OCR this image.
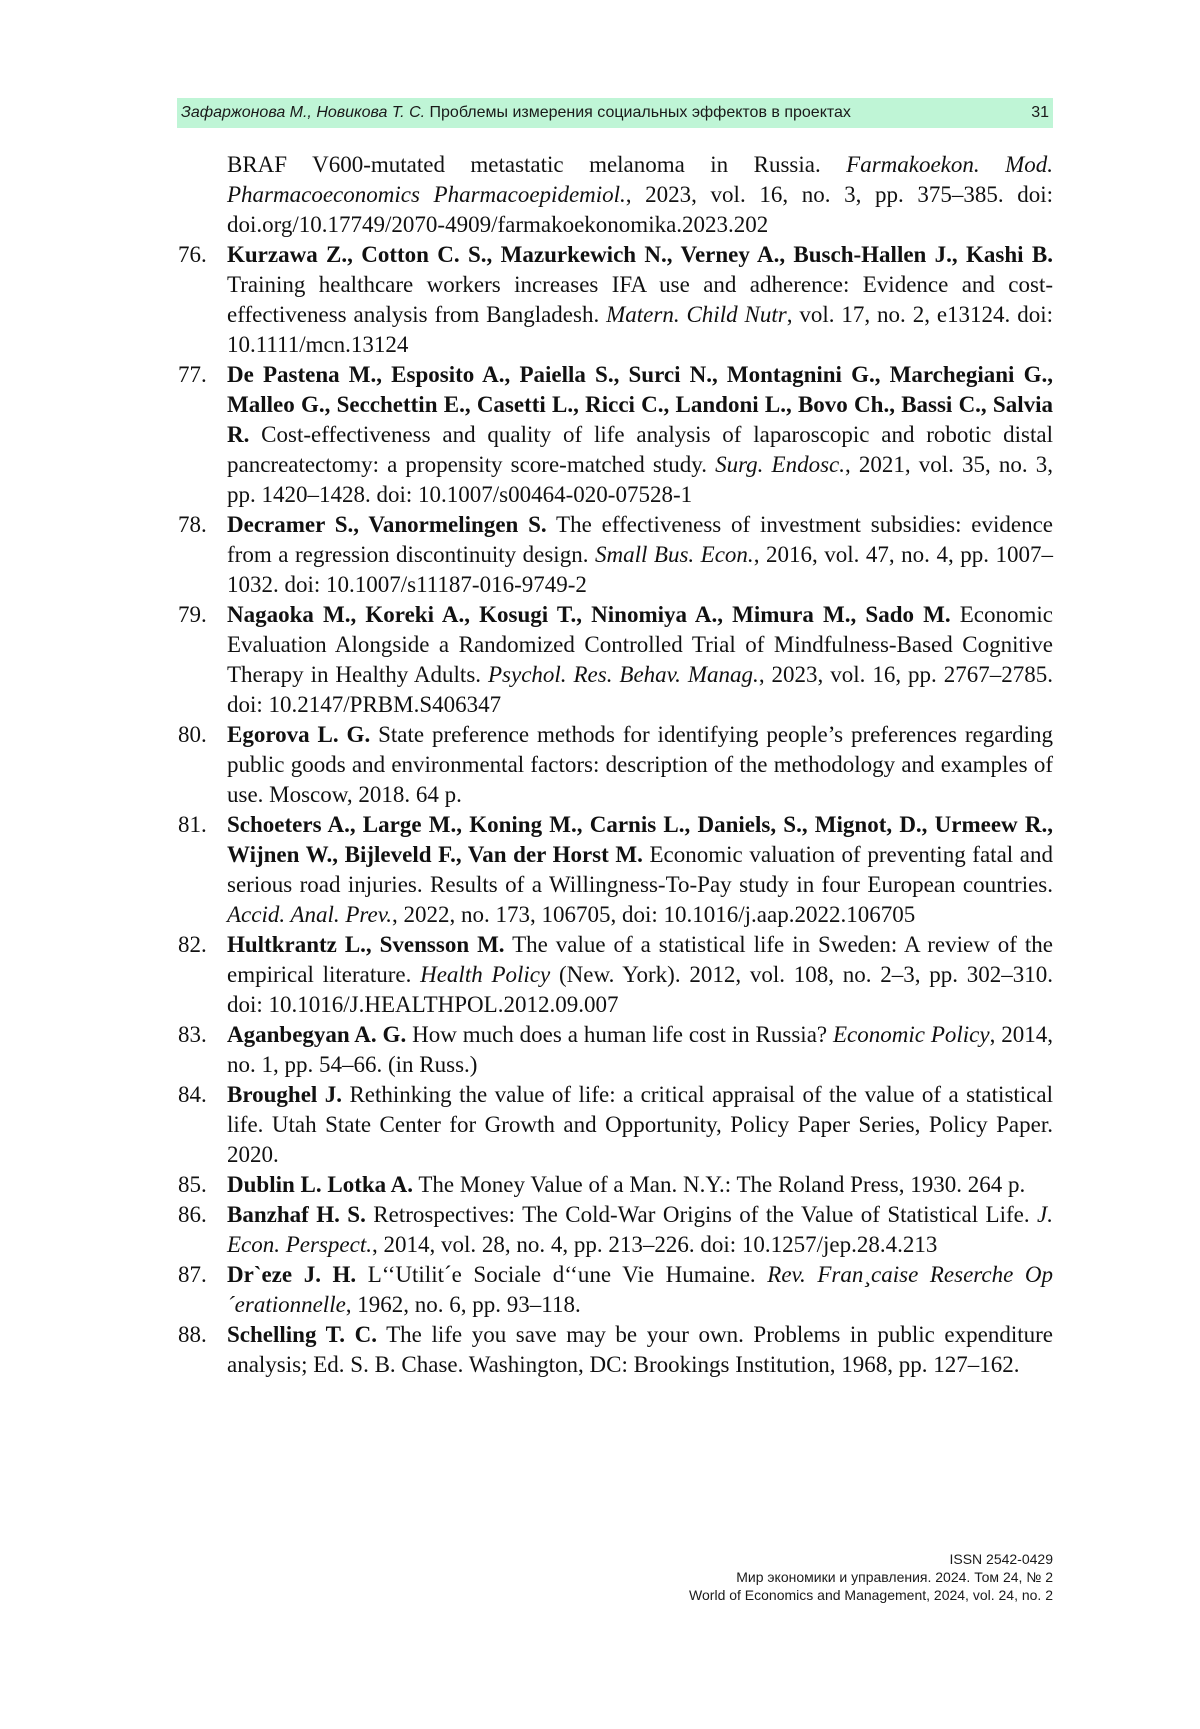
Зафаржонова М., Новикова Т. С. Проблемы измерения социальных эффектов в проектах	31
BRAF V600-mutated metastatic melanoma in Russia. Farmakoekon. Mod. Pharmacoeconomics Pharmacoepidemiol., 2023, vol. 16, no. 3, pp. 375–385. doi: doi.org/10.17749/2070-4909/farmakoekonomika.2023.202
76. Kurzawa Z., Cotton C. S., Mazurkewich N., Verney A., Busch-Hallen J., Kashi B. Training healthcare workers increases IFA use and adherence: Evidence and cost-effectiveness analysis from Bangladesh. Matern. Child Nutr, vol. 17, no. 2, e13124. doi: 10.1111/mcn.13124
77. De Pastena M., Esposito A., Paiella S., Surci N., Montagnini G., Marchegiani G., Malleo G., Secchettin E., Casetti L., Ricci C., Landoni L., Bovo Ch., Bassi C., Salvia R. Cost-effectiveness and quality of life analysis of laparoscopic and robotic distal pancreatectomy: a propensity score-matched study. Surg. Endosc., 2021, vol. 35, no. 3, pp. 1420–1428. doi: 10.1007/s00464-020-07528-1
78. Decramer S., Vanormelingen S. The effectiveness of investment subsidies: evidence from a regression discontinuity design. Small Bus. Econ., 2016, vol. 47, no. 4, pp. 1007–1032. doi: 10.1007/s11187-016-9749-2
79. Nagaoka M., Koreki A., Kosugi T., Ninomiya A., Mimura M., Sado M. Economic Evaluation Alongside a Randomized Controlled Trial of Mindfulness-Based Cognitive Therapy in Healthy Adults. Psychol. Res. Behav. Manag., 2023, vol. 16, pp. 2767–2785. doi: 10.2147/PRBM.S406347
80. Egorova L. G. State preference methods for identifying people’s preferences regarding public goods and environmental factors: description of the methodology and examples of use. Moscow, 2018. 64 p.
81. Schoeters A., Large M., Koning M., Carnis L., Daniels, S., Mignot, D., Urmeew R., Wijnen W., Bijleveld F., Van der Horst M. Economic valuation of preventing fatal and serious road injuries. Results of a Willingness-To-Pay study in four European countries. Accid. Anal. Prev., 2022, no. 173, 106705, doi: 10.1016/j.aap.2022.106705
82. Hultkrantz L., Svensson M. The value of a statistical life in Sweden: A review of the empirical literature. Health Policy (New. York). 2012, vol. 108, no. 2–3, pp. 302–310. doi: 10.1016/J.HEALTHPOL.2012.09.007
83. Aganbegyan A. G. How much does a human life cost in Russia? Economic Policy, 2014, no. 1, pp. 54–66. (in Russ.)
84. Broughel J. Rethinking the value of life: a critical appraisal of the value of a statistical life. Utah State Center for Growth and Opportunity, Policy Paper Series, Policy Paper. 2020.
85. Dublin L. Lotka A. The Money Value of a Man. N.Y.: The Roland Press, 1930. 264 p.
86. Banzhaf H. S. Retrospectives: The Cold-War Origins of the Value of Statistical Life. J. Econ. Perspect., 2014, vol. 28, no. 4, pp. 213–226. doi: 10.1257/jep.28.4.213
87. Dr`eze J. H. L‘‘Utilit´e Sociale d‘‘une Vie Humaine. Rev. Fran¸caise Reserche Op´erationnelle, 1962, no. 6, pp. 93–118.
88. Schelling T. C. The life you save may be your own. Problems in public expenditure analysis; Ed. S. B. Chase. Washington, DC: Brookings Institution, 1968, pp. 127–162.
ISSN 2542-0429
Мир экономики и управления. 2024. Том 24, № 2
World of Economics and Management, 2024, vol. 24, no. 2
